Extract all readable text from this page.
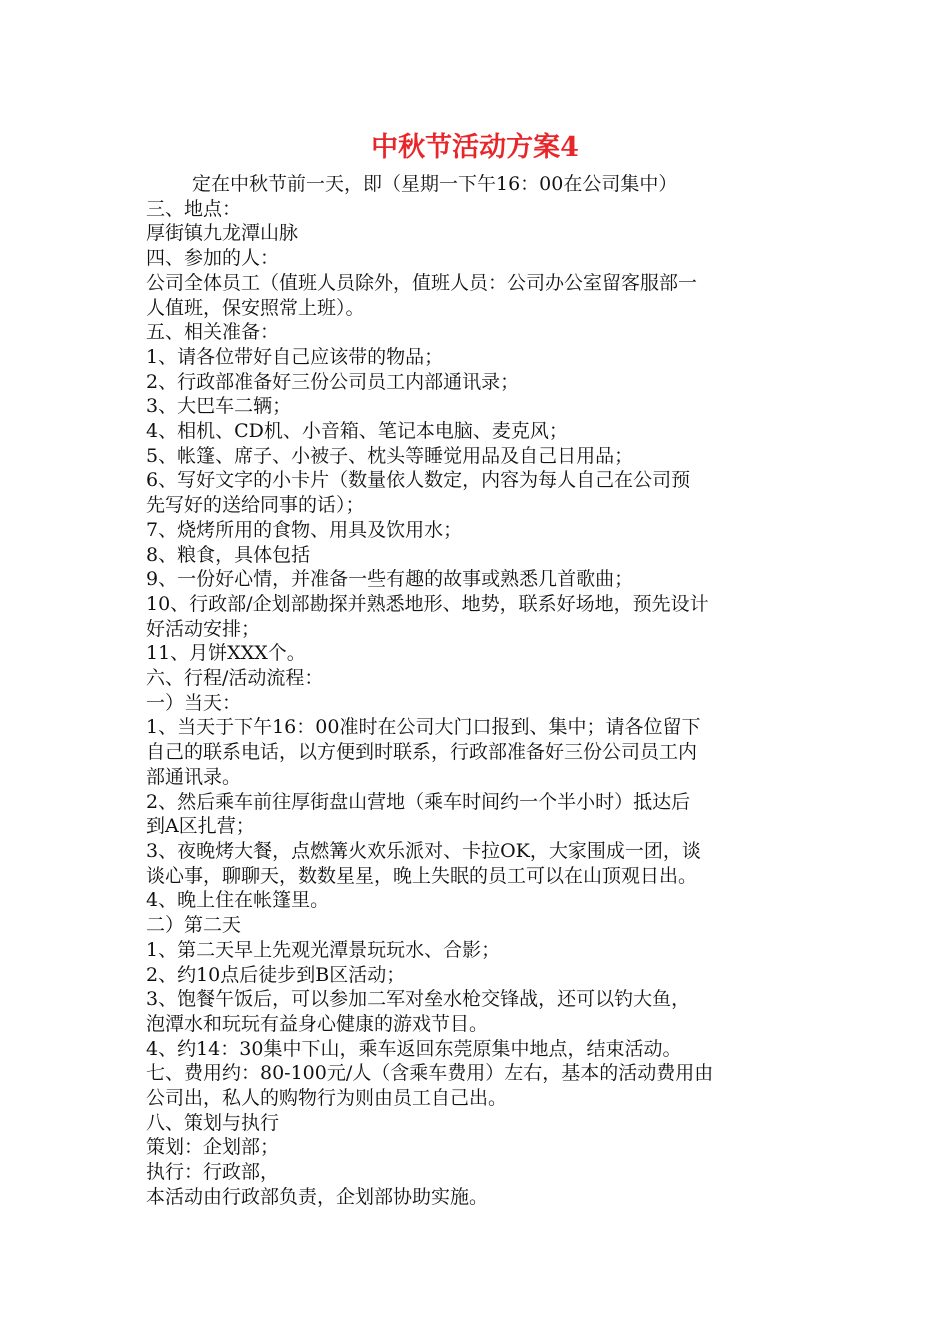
中秋节活动方案4
定在中秋节前一天，即（星期一下午16：00在公司集中）
三、地点：
厚街镇九龙潭山脉
四、参加的人：
公司全体员工（值班人员除外，值班人员：公司办公室留客服部一
人值班，保安照常上班）。
五、相关准备：
1、请各位带好自己应该带的物品；
2、行政部准备好三份公司员工内部通讯录；
3、大巴车二辆；
4、相机、CD机、小音箱、笔记本电脑、麦克风；
5、帐篷、席子、小被子、枕头等睡觉用品及自己日用品；
6、写好文字的小卡片（数量依人数定，内容为每人自己在公司预
先写好的送给同事的话）；
7、烧烤所用的食物、用具及饮用水；
8、粮食，具体包括
9、一份好心情，并准备一些有趣的故事或熟悉几首歌曲；
10、行政部/企划部勘探并熟悉地形、地势，联系好场地，预先设计
好活动安排；
11、月饼XXX个。
六、行程/活动流程：
一）当天：
1、当天于下午16：00准时在公司大门口报到、集中；请各位留下
自己的联系电话，以方便到时联系，行政部准备好三份公司员工内
部通讯录。
2、然后乘车前往厚街盘山营地（乘车时间约一个半小时）抵达后
到A区扎营；
3、夜晚烤大餐，点燃篝火欢乐派对、卡拉OK，大家围成一团，谈
谈心事，聊聊天，数数星星，晚上失眠的员工可以在山顶观日出。
4、晚上住在帐篷里。
二）第二天
1、第二天早上先观光潭景玩玩水、合影；
2、约10点后徒步到B区活动；
3、饱餐午饭后，可以参加二军对垒水枪交锋战，还可以钓大鱼，
泡潭水和玩玩有益身心健康的游戏节目。
4、约14：30集中下山，乘车返回东莞原集中地点，结束活动。
七、费用约：80-100元/人（含乘车费用）左右，基本的活动费用由
公司出，私人的购物行为则由员工自己出。
八、策划与执行
策划：企划部；
执行：行政部，
本活动由行政部负责，企划部协助实施。
